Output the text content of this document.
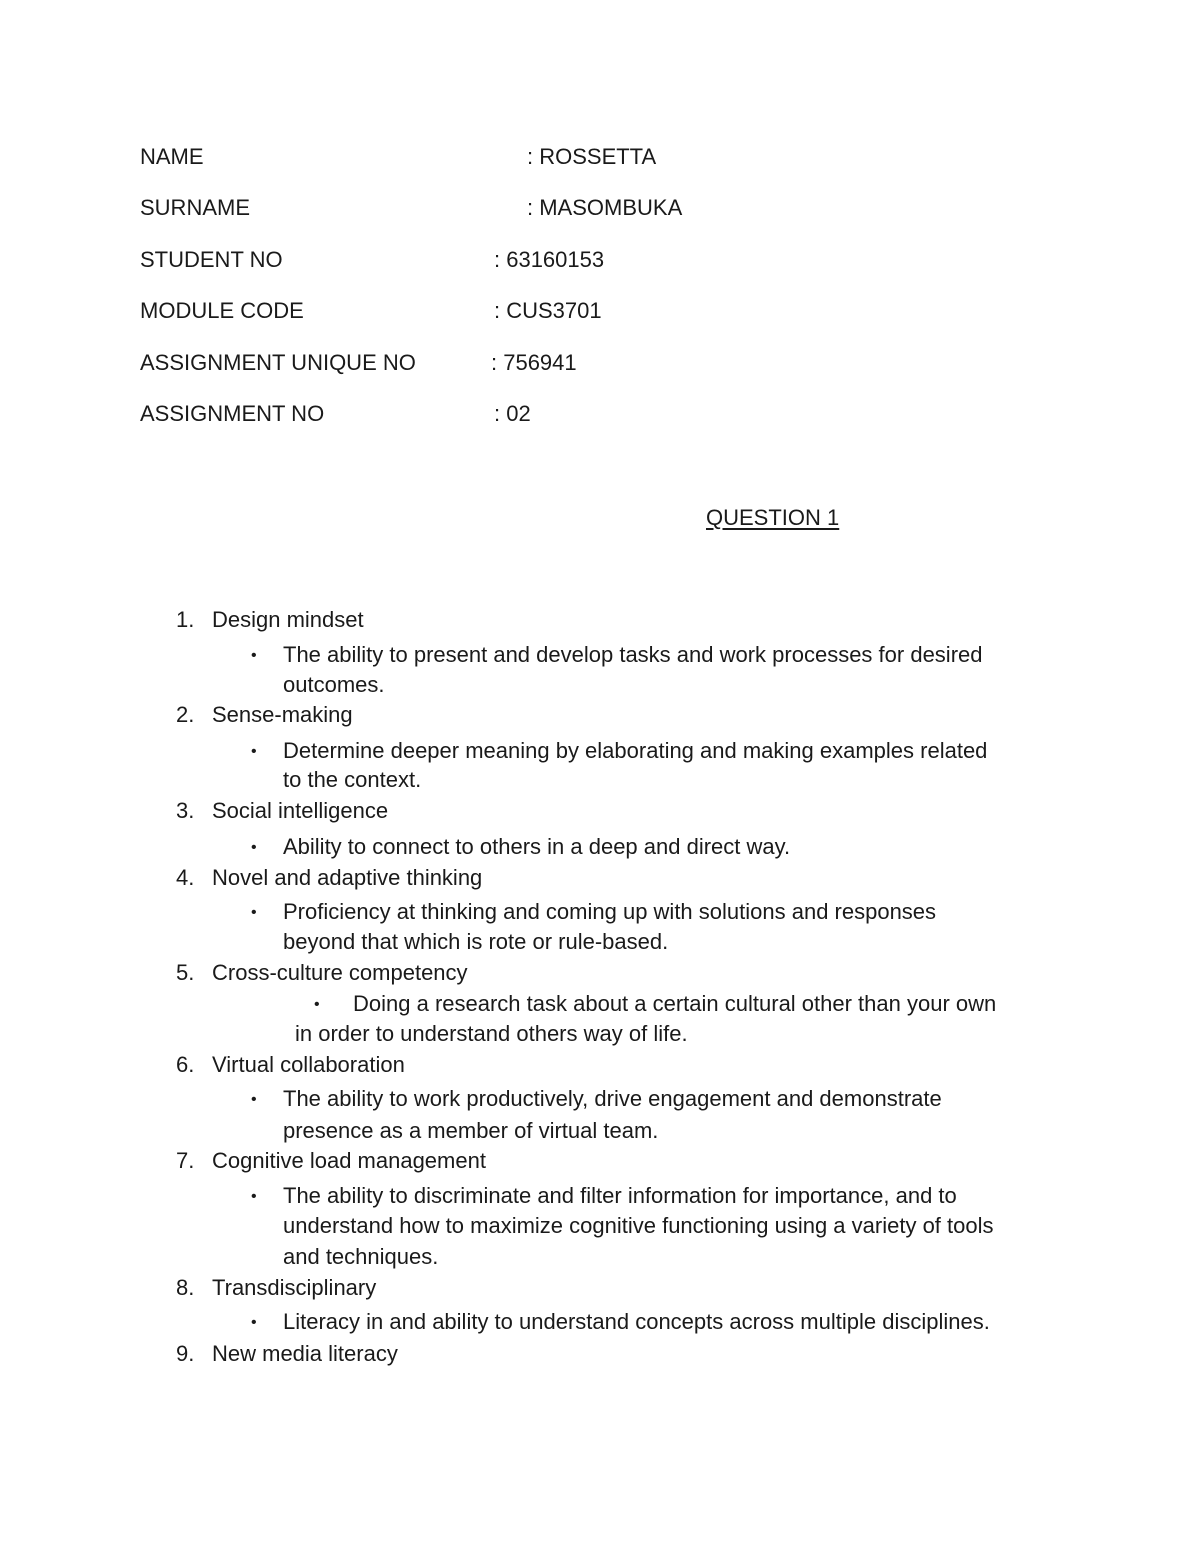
NAME	: ROSSETTA
SURNAME	: MASOMBUKA
STUDENT NO	: 63160153
MODULE CODE	: CUS3701
ASSIGNMENT UNIQUE NO	: 756941
ASSIGNMENT NO	: 02
QUESTION 1
1. Design mindset
• The ability to present and develop tasks and work processes for desired
outcomes.
2. Sense-making
• Determine deeper meaning by elaborating and making examples related
to the context.
3. Social intelligence
• Ability to connect to others in a deep and direct way.
4. Novel and adaptive thinking
• Proficiency at thinking and coming up with solutions and responses
beyond that which is rote or rule-based.
5. Cross-culture competency
• Doing a research task about a certain cultural other than your own
in order to understand others way of life.
6. Virtual collaboration
• The ability to work productively, drive engagement and demonstrate
presence as a member of virtual team.
7. Cognitive load management
• The ability to discriminate and filter information for importance, and to
understand how to maximize cognitive functioning using a variety of tools
and techniques.
8. Transdisciplinary
• Literacy in and ability to understand concepts across multiple disciplines.
9. New media literacy
